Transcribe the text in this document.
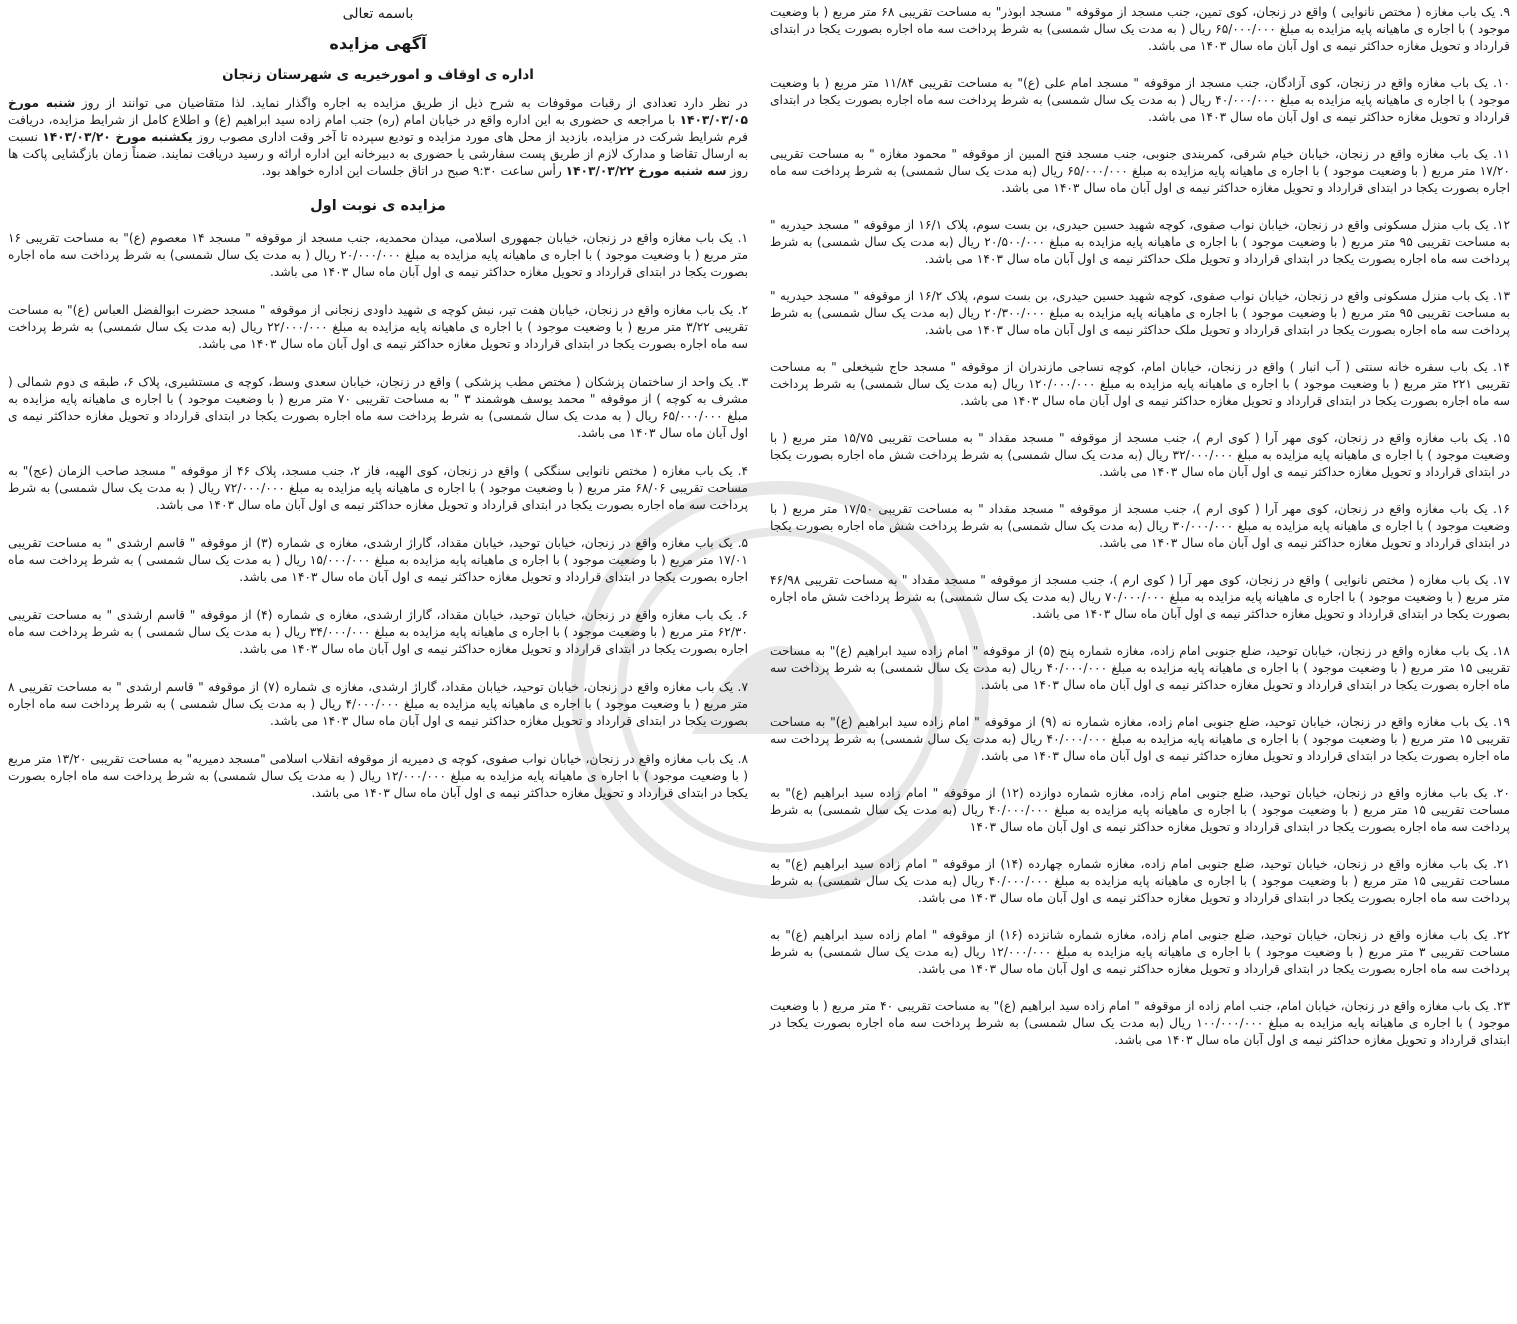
باسمه تعالی
آگهی مزایده
اداره ی اوقاف و امورخیریه ی شهرستان زنجان
در نظر دارد تعدادی از رقبات موقوفات به شرح ذیل از طریق مزایده به اجاره واگذار نماید. لذا متقاضیان می توانند از روز شنبه مورخ ۱۴۰۳/۰۳/۰۵ با مراجعه ی حضوری به این اداره واقع در خیابان امام (ره) جنب امام زاده سید ابراهیم (ع) و اطلاع کامل از شرایط مزایده، دریافت فرم شرایط شرکت در مزایده، بازدید از محل های مورد مزایده و تودیع سپرده تا آخر وقت اداری مصوب روز یکشنبه مورخ ۱۴۰۳/۰۳/۲۰ نسبت به ارسال تقاضا و مدارک لازم از طریق پست سفارشی یا حضوری به دبیرخانه این اداره ارائه و رسید دریافت نمایند. ضمناً زمان بازگشایی پاکت ها روز سه شنبه مورخ ۱۴۰۳/۰۳/۲۲ رأس ساعت ۹:۳۰ صبح در اتاق جلسات این اداره خواهد بود.
مزایده ی نوبت اول
۱. یک باب مغازه واقع در زنجان، خیابان جمهوری اسلامی، میدان محمدیه، جنب مسجد از موقوفه " مسجد ۱۴ معصوم (ع)" به مساحت تقریبی ۱۶ متر مربع ( با وضعیت موجود ) با اجاره ی ماهیانه پایه مزایده به مبلغ ۲۰/۰۰۰/۰۰۰ ریال ( به مدت یک سال شمسی) به شرط پرداخت سه ماه اجاره بصورت یکجا در ابتدای قرارداد و تحویل مغازه حداکثر نیمه ی اول آبان ماه سال ۱۴۰۳ می باشد.
۲. یک باب مغازه واقع در زنجان، خیابان هفت تیر، نبش کوچه ی شهید داودی زنجانی از موقوفه " مسجد حضرت ابوالفضل العباس (ع)" به مساحت تقریبی ۳/۲۲ متر مربع ( با وضعیت موجود ) با اجاره ی ماهیانه پایه مزایده به مبلغ ۲۲/۰۰۰/۰۰۰ ریال (به مدت یک سال شمسی) به شرط پرداخت سه ماه اجاره بصورت یکجا در ابتدای قرارداد و تحویل مغازه حداکثر نیمه ی اول آبان ماه سال ۱۴۰۳ می باشد.
۳. یک واحد از ساختمان پزشکان ( مختص مطب پزشکی ) واقع در زنجان، خیابان سعدی وسط، کوچه ی مستشیری، پلاک ۶، طبقه ی دوم شمالی ( مشرف به کوچه ) از موقوفه " محمد یوسف هوشمند ۳ " به مساحت تقریبی ۷۰ متر مربع ( با وضعیت موجود ) با اجاره ی ماهیانه پایه مزایده به مبلغ ۶۵/۰۰۰/۰۰۰ ریال ( به مدت یک سال شمسی) به شرط پرداخت سه ماه اجاره بصورت یکجا در ابتدای قرارداد و تحویل مغازه حداکثر نیمه ی اول آبان ماه سال ۱۴۰۳ می باشد.
۴. یک باب مغازه ( مختص نانوایی سنگکی ) واقع در زنجان، کوی الهیه، فاز ۲، جنب مسجد، پلاک ۴۶ از موقوفه " مسجد صاحب الزمان (عج)" به مساحت تقریبی ۶۸/۰۶ متر مربع ( با وضعیت موجود ) با اجاره ی ماهیانه پایه مزایده به مبلغ ۷۲/۰۰۰/۰۰۰ ریال ( به مدت یک سال شمسی) به شرط پرداخت سه ماه اجاره بصورت یکجا در ابتدای قرارداد و تحویل مغازه حداکثر نیمه ی اول آبان ماه سال ۱۴۰۳ می باشد.
۵. یک باب مغازه واقع در زنجان، خیابان توحید، خیابان مقداد، گاراژ ارشدی، مغازه ی شماره (۳) از موقوفه " قاسم ارشدی " به مساحت تقریبی ۱۷/۰۱ متر مربع ( با وضعیت موجود ) با اجاره ی ماهیانه پایه مزایده به مبلغ ۱۵/۰۰۰/۰۰۰ ریال ( به مدت یک سال شمسی ) به شرط پرداخت سه ماه اجاره بصورت یکجا در ابتدای قرارداد و تحویل مغازه حداکثر نیمه ی اول آبان ماه سال ۱۴۰۳ می باشد.
۶. یک باب مغازه واقع در زنجان، خیابان توحید، خیابان مقداد، گاراژ ارشدی، مغازه ی شماره (۴) از موقوفه " قاسم ارشدی " به مساحت تقریبی ۶۲/۳۰ متر مربع ( با وضعیت موجود ) با اجاره ی ماهیانه پایه مزایده به مبلغ ۳۴/۰۰۰/۰۰۰ ریال ( به مدت یک سال شمسی ) به شرط پرداخت سه ماه اجاره بصورت یکجا در ابتدای قرارداد و تحویل مغازه حداکثر نیمه ی اول آبان ماه سال ۱۴۰۳ می باشد.
۷. یک باب مغازه واقع در زنجان، خیابان توحید، خیابان مقداد، گاراژ ارشدی، مغازه ی شماره (۷) از موقوفه " قاسم ارشدی " به مساحت تقریبی ۸ متر مربع ( با وضعیت موجود ) با اجاره ی ماهیانه پایه مزایده به مبلغ ۴/۰۰۰/۰۰۰ ریال ( به مدت یک سال شمسی ) به شرط پرداخت سه ماه اجاره بصورت یکجا در ابتدای قرارداد و تحویل مغازه حداکثر نیمه ی اول آبان ماه سال ۱۴۰۳ می باشد.
۸. یک باب مغازه واقع در زنجان، خیابان نواب صفوی، کوچه ی دمیریه از موقوفه انقلاب اسلامی "مسجد دمیریه" به مساحت تقریبی ۱۳/۲۰ متر مربع ( با وضعیت موجود ) با اجاره ی ماهیانه پایه مزایده به مبلغ ۱۲/۰۰۰/۰۰۰ ریال ( به مدت یک سال شمسی) به شرط پرداخت سه ماه اجاره بصورت یکجا در ابتدای قرارداد و تحویل مغازه حداکثر نیمه ی اول آبان ماه سال ۱۴۰۳ می باشد.
۹. یک باب مغازه ( مختص نانوایی ) واقع در زنجان، کوی تمین، جنب مسجد از موقوفه " مسجد ابوذر" به مساحت تقریبی ۶۸ متر مربع ( با وضعیت موجود ) با اجاره ی ماهیانه پایه مزایده به مبلغ ۶۵/۰۰۰/۰۰۰ ریال ( به مدت یک سال شمسی) به شرط پرداخت سه ماه اجاره بصورت یکجا در ابتدای قرارداد و تحویل مغازه حداکثر نیمه ی اول آبان ماه سال ۱۴۰۳ می باشد.
۱۰. یک باب مغازه واقع در زنجان، کوی آزادگان، جنب مسجد از موقوفه " مسجد امام علی (ع)" به مساحت تقریبی ۱۱/۸۴ متر مربع ( با وضعیت موجود ) با اجاره ی ماهیانه پایه مزایده به مبلغ ۴۰/۰۰۰/۰۰۰ ریال ( به مدت یک سال شمسی) به شرط پرداخت سه ماه اجاره بصورت یکجا در ابتدای قرارداد و تحویل مغازه حداکثر نیمه ی اول آبان ماه سال ۱۴۰۳ می باشد.
۱۱. یک باب مغازه واقع در زنجان، خیابان خیام شرقی، کمربندی جنوبی، جنب مسجد فتح المبین از موقوفه " محمود مغازه " به مساحت تقریبی ۱۷/۲۰ متر مربع ( با وضعیت موجود ) با اجاره ی ماهیانه پایه مزایده به مبلغ ۶۵/۰۰۰/۰۰۰ ریال (به مدت یک سال شمسی) به شرط پرداخت سه ماه اجاره بصورت یکجا در ابتدای قرارداد و تحویل مغازه حداکثر نیمه ی اول آبان ماه سال ۱۴۰۳ می باشد.
۱۲. یک باب منزل مسکونی واقع در زنجان، خیابان نواب صفوی، کوچه شهید حسین حیدری، بن بست سوم، پلاک ۱۶/۱ از موقوفه " مسجد حیدریه " به مساحت تقریبی ۹۵ متر مربع ( با وضعیت موجود ) با اجاره ی ماهیانه پایه مزایده به مبلغ ۲۰/۵۰۰/۰۰۰ ریال (به مدت یک سال شمسی) به شرط پرداخت سه ماه اجاره بصورت یکجا در ابتدای قرارداد و تحویل ملک حداکثر نیمه ی اول آبان ماه سال ۱۴۰۳ می باشد.
۱۳. یک باب منزل مسکونی واقع در زنجان، خیابان نواب صفوی، کوچه شهید حسین حیدری، بن بست سوم، پلاک ۱۶/۲ از موقوفه " مسجد حیدریه " به مساحت تقریبی ۹۵ متر مربع ( با وضعیت موجود ) با اجاره ی ماهیانه پایه مزایده به مبلغ ۲۰/۳۰۰/۰۰۰ ریال (به مدت یک سال شمسی) به شرط پرداخت سه ماه اجاره بصورت یکجا در ابتدای قرارداد و تحویل ملک حداکثر نیمه ی اول آبان ماه سال ۱۴۰۳ می باشد.
۱۴. یک باب سفره خانه سنتی ( آب انبار ) واقع در زنجان، خیابان امام، کوچه نساجی مازندران از موقوفه " مسجد حاج شیخعلی " به مساحت تقریبی ۲۲۱ متر مربع ( با وضعیت موجود ) با اجاره ی ماهیانه پایه مزایده به مبلغ ۱۲۰/۰۰۰/۰۰۰ ریال (به مدت یک سال شمسی) به شرط پرداخت سه ماه اجاره بصورت یکجا در ابتدای قرارداد و تحویل مغازه حداکثر نیمه ی اول آبان ماه سال ۱۴۰۳ می باشد.
۱۵. یک باب مغازه واقع در زنجان، کوی مهر آرا ( کوی ارم )، جنب مسجد از موقوفه " مسجد مقداد " به مساحت تقریبی ۱۵/۷۵ متر مربع ( با وضعیت موجود ) با اجاره ی ماهیانه پایه مزایده به مبلغ ۳۲/۰۰۰/۰۰۰ ریال (به مدت یک سال شمسی) به شرط پرداخت شش ماه اجاره بصورت یکجا در ابتدای قرارداد و تحویل مغازه حداکثر نیمه ی اول آبان ماه سال ۱۴۰۳ می باشد.
۱۶. یک باب مغازه واقع در زنجان، کوی مهر آرا ( کوی ارم )، جنب مسجد از موقوفه " مسجد مقداد " به مساحت تقریبی ۱۷/۵۰ متر مربع ( با وضعیت موجود ) با اجاره ی ماهیانه پایه مزایده به مبلغ ۳۰/۰۰۰/۰۰۰ ریال (به مدت یک سال شمسی) به شرط پرداخت شش ماه اجاره بصورت یکجا در ابتدای قرارداد و تحویل مغازه حداکثر نیمه ی اول آبان ماه سال ۱۴۰۳ می باشد.
۱۷. یک باب مغازه ( مختص نانوایی ) واقع در زنجان، کوی مهر آرا ( کوی ارم )، جنب مسجد از موقوفه " مسجد مقداد " به مساحت تقریبی ۴۶/۹۸ متر مربع ( با وضعیت موجود ) با اجاره ی ماهیانه پایه مزایده به مبلغ ۷۰/۰۰۰/۰۰۰ ریال (به مدت یک سال شمسی) به شرط پرداخت شش ماه اجاره بصورت یکجا در ابتدای قرارداد و تحویل مغازه حداکثر نیمه ی اول آبان ماه سال ۱۴۰۳ می باشد.
۱۸. یک باب مغازه واقع در زنجان، خیابان توحید، ضلع جنوبی امام زاده، مغازه شماره پنج (۵) از موقوفه " امام زاده سید ابراهیم (ع)" به مساحت تقریبی ۱۵ متر مربع ( با وضعیت موجود ) با اجاره ی ماهیانه پایه مزایده به مبلغ ۴۰/۰۰۰/۰۰۰ ریال (به مدت یک سال شمسی) به شرط پرداخت سه ماه اجاره بصورت یکجا در ابتدای قرارداد و تحویل مغازه حداکثر نیمه ی اول آبان ماه سال ۱۴۰۳ می باشد.
۱۹. یک باب مغازه واقع در زنجان، خیابان توحید، ضلع جنوبی امام زاده، مغازه شماره نه (۹) از موقوفه " امام زاده سید ابراهیم (ع)" به مساحت تقریبی ۱۵ متر مربع ( با وضعیت موجود ) با اجاره ی ماهیانه پایه مزایده به مبلغ ۴۰/۰۰۰/۰۰۰ ریال (به مدت یک سال شمسی) به شرط پرداخت سه ماه اجاره بصورت یکجا در ابتدای قرارداد و تحویل مغازه حداکثر نیمه ی اول آبان ماه سال ۱۴۰۳ می باشد.
۲۰. یک باب مغازه واقع در زنجان، خیابان توحید، ضلع جنوبی امام زاده، مغازه شماره دوازده (۱۲) از موقوفه " امام زاده سید ابراهیم (ع)" به مساحت تقریبی ۱۵ متر مربع ( با وضعیت موجود ) با اجاره ی ماهیانه پایه مزایده به مبلغ ۴۰/۰۰۰/۰۰۰ ریال (به مدت یک سال شمسی) به شرط پرداخت سه ماه اجاره بصورت یکجا در ابتدای قرارداد و تحویل مغازه حداکثر نیمه ی اول آبان ماه سال ۱۴۰۳
۲۱. یک باب مغازه واقع در زنجان، خیابان توحید، ضلع جنوبی امام زاده، مغازه شماره چهارده (۱۴) از موقوفه " امام زاده سید ابراهیم (ع)" به مساحت تقریبی ۱۵ متر مربع ( با وضعیت موجود ) با اجاره ی ماهیانه پایه مزایده به مبلغ ۴۰/۰۰۰/۰۰۰ ریال (به مدت یک سال شمسی) به شرط پرداخت سه ماه اجاره بصورت یکجا در ابتدای قرارداد و تحویل مغازه حداکثر نیمه ی اول آبان ماه سال ۱۴۰۳ می باشد.
۲۲. یک باب مغازه واقع در زنجان، خیابان توحید، ضلع جنوبی امام زاده، مغازه شماره شانزده (۱۶) از موقوفه " امام زاده سید ابراهیم (ع)" به مساحت تقریبی ۳ متر مربع ( با وضعیت موجود ) با اجاره ی ماهیانه پایه مزایده به مبلغ ۱۲/۰۰۰/۰۰۰ ریال (به مدت یک سال شمسی) به شرط پرداخت سه ماه اجاره بصورت یکجا در ابتدای قرارداد و تحویل مغازه حداکثر نیمه ی اول آبان ماه سال ۱۴۰۳ می باشد.
۲۳. یک باب مغازه واقع در زنجان، خیابان امام، جنب امام زاده از موقوفه " امام زاده سید ابراهیم (ع)" به مساحت تقریبی ۴۰ متر مربع ( با وضعیت موجود ) با اجاره ی ماهیانه پایه مزایده به مبلغ ۱۰۰/۰۰۰/۰۰۰ ریال (به مدت یک سال شمسی) به شرط پرداخت سه ماه اجاره بصورت یکجا در ابتدای قرارداد و تحویل مغازه حداکثر نیمه ی اول آبان ماه سال ۱۴۰۳ می باشد.
